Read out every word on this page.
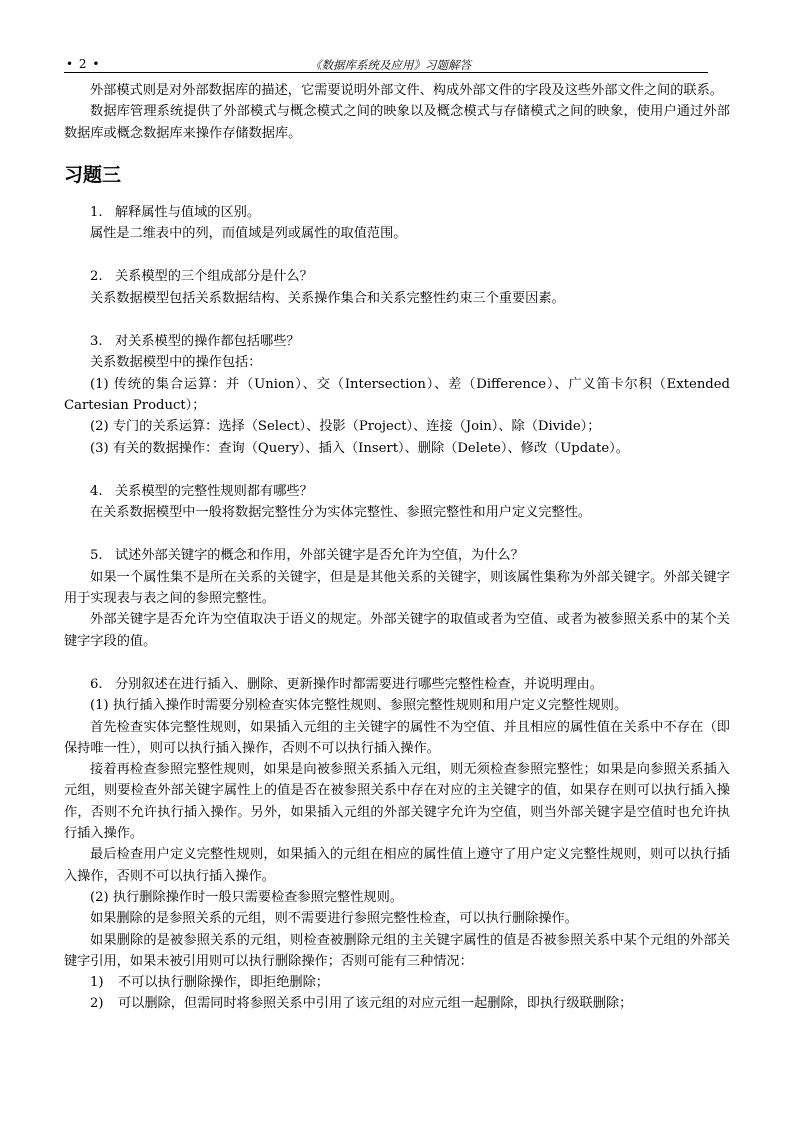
• 2 •	《数据库系统及应用》习题解答

外部模式则是对外部数据库的描述，它需要说明外部文件、构成外部文件的字段及这些外部文件之间的联系。

数据库管理系统提供了外部模式与概念模式之间的映象以及概念模式与存储模式之间的映象，使用户通过外部数据库或概念数据库来操作存储数据库。

习题三

1. 解释属性与值域的区别。

属性是二维表中的列，而值域是列或属性的取值范围。

2. 关系模型的三个组成部分是什么？

关系数据模型包括关系数据结构、关系操作集合和关系完整性约束三个重要因素。

3. 对关系模型的操作都包括哪些？

关系数据模型中的操作包括：

(1) 传统的集合运算：并（Union）、交（Intersection）、差（Difference）、广义笛卡尔积（Extended Cartesian Product）；

(2) 专门的关系运算：选择（Select）、投影（Project）、连接（Join）、除（Divide）；

(3) 有关的数据操作：查询（Query）、插入（Insert）、删除（Delete）、修改（Update）。

4. 关系模型的完整性规则都有哪些？

在关系数据模型中一般将数据完整性分为实体完整性、参照完整性和用户定义完整性。

5. 试述外部关键字的概念和作用，外部关键字是否允许为空值，为什么？

如果一个属性集不是所在关系的关键字，但是是其他关系的关键字，则该属性集称为外部关键字。外部关键字用于实现表与表之间的参照完整性。

外部关键字是否允许为空值取决于语义的规定。外部关键字的取值或者为空值、或者为被参照关系中的某个关键字字段的值。

6. 分别叙述在进行插入、删除、更新操作时都需要进行哪些完整性检查，并说明理由。

(1) 执行插入操作时需要分别检查实体完整性规则、参照完整性规则和用户定义完整性规则。

首先检查实体完整性规则，如果插入元组的主关键字的属性不为空值、并且相应的属性值在关系中不存在（即保持唯一性），则可以执行插入操作，否则不可以执行插入操作。

接着再检查参照完整性规则，如果是向被参照关系插入元组，则无须检查参照完整性；如果是向参照关系插入元组，则要检查外部关键字属性上的值是否在被参照关系中存在对应的主关键字的值，如果存在则可以执行插入操作，否则不允许执行插入操作。另外，如果插入元组的外部关键字允许为空值，则当外部关键字是空值时也允许执行插入操作。

最后检查用户定义完整性规则，如果插入的元组在相应的属性值上遵守了用户定义完整性规则，则可以执行插入操作，否则不可以执行插入操作。

(2) 执行删除操作时一般只需要检查参照完整性规则。

如果删除的是参照关系的元组，则不需要进行参照完整性检查，可以执行删除操作。

如果删除的是被参照关系的元组，则检查被删除元组的主关键字属性的值是否被参照关系中某个元组的外部关键字引用，如果未被引用则可以执行删除操作；否则可能有三种情况：

1) 不可以执行删除操作，即拒绝删除；

2) 可以删除，但需同时将参照关系中引用了该元组的对应元组一起删除，即执行级联删除；
